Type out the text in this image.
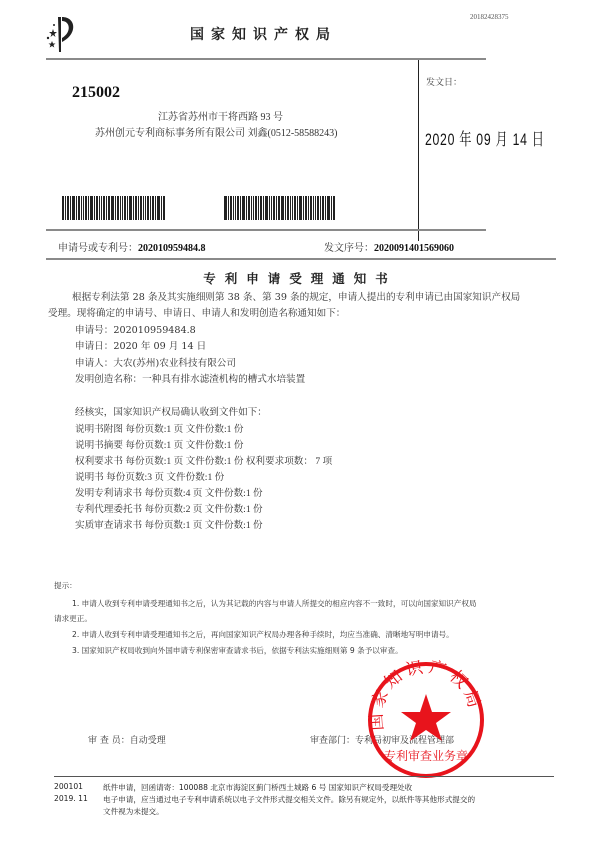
20182428375
国家知识产权局
215002
江苏省苏州市干将西路 93 号
苏州创元专利商标事务所有限公司 刘鑫(0512-58588243)
发文日：
2020 年 09 月 14 日
申请号或专利号：202010959484.8	发文序号：2020091401569060
专利申请受理通知书
根据专利法第 28 条及其实施细则第 38 条、第 39 条的规定，申请人提出的专利申请已由国家知识产权局
受理。现将确定的申请号、申请日、申请人和发明创造名称通知如下：
申请号：202010959484.8
申请日：2020 年 09 月 14 日
申请人：大农(苏州)农业科技有限公司
发明创造名称：一种具有排水滤渣机构的槽式水培装置
经核实，国家知识产权局确认收到文件如下：
说明书附图 每份页数:1 页 文件份数:1 份
说明书摘要 每份页数:1 页 文件份数:1 份
权利要求书 每份页数:1 页 文件份数:1 份 权利要求项数： 7 项
说明书 每份页数:3 页 文件份数:1 份
发明专利请求书 每份页数:4 页 文件份数:1 份
专利代理委托书 每份页数:2 页 文件份数:1 份
实质审查请求书 每份页数:1 页 文件份数:1 份
提示：
1. 申请人收到专利申请受理通知书之后，认为其记载的内容与申请人所提交的相应内容不一致时，可以向国家知识产权局
请求更正。
2. 申请人收到专利申请受理通知书之后，再向国家知识产权局办理各种手续时，均应当准确、清晰地写明申请号。
3. 国家知识产权局收到向外国申请专利保密审查请求书后，依据专利法实施细则第 9 条予以审查。
审 查 员：自动受理	审查部门：专利局初审及流程管理部
国家知识产权局
专利审查业务章
200101
2019. 11
纸件申请，回函请寄：100088 北京市海淀区蓟门桥西土城路 6 号 国家知识产权局受理处收
电子申请，应当通过电子专利申请系统以电子文件形式提交相关文件。除另有规定外，以纸件等其他形式提交的
文件视为未提交。
